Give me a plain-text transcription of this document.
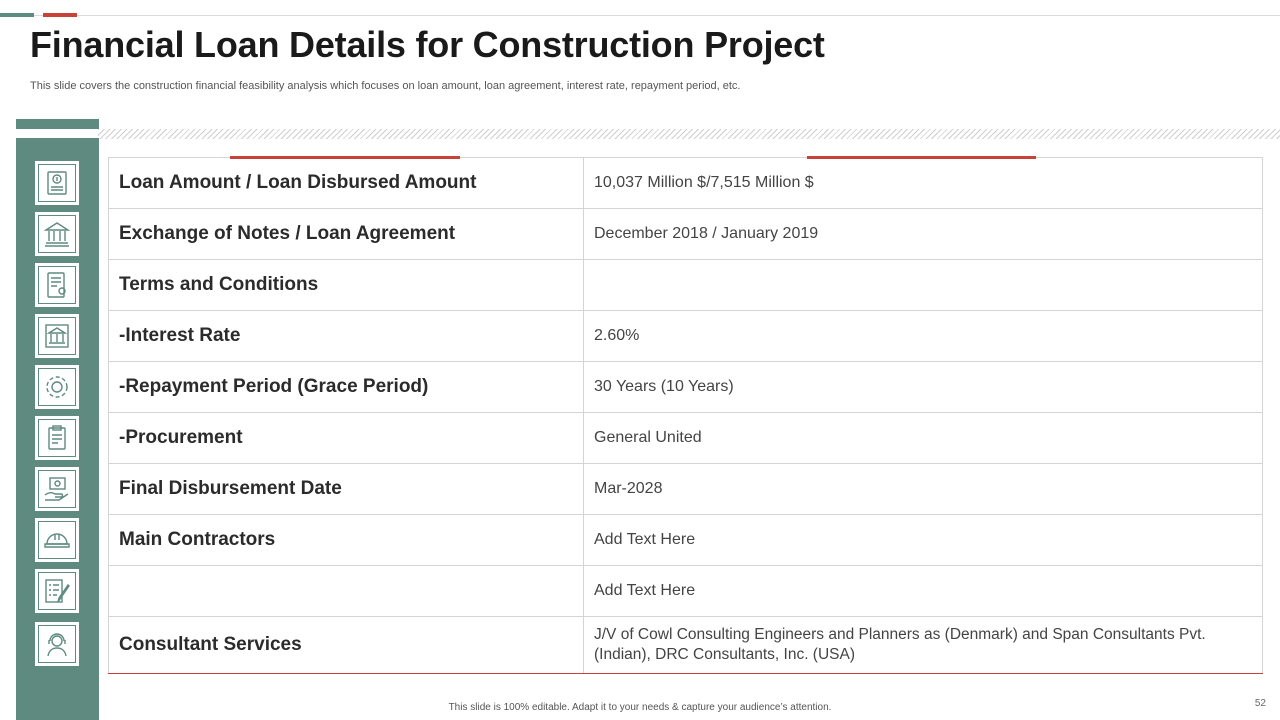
Financial Loan Details for Construction Project
This slide covers the construction financial feasibility analysis which focuses on loan amount, loan agreement, interest rate, repayment period, etc.
Loan Amount / Loan Disbursed Amount	10,037 Million $/7,515 Million $
Exchange of Notes / Loan Agreement	December 2018 / January 2019
Terms and Conditions	
-Interest Rate	2.60%
-Repayment Period (Grace Period)	30 Years (10 Years)
-Procurement	General United
Final Disbursement Date	Mar-2028
Main Contractors	Add Text Here
	Add Text Here
Consultant Services	J/V of Cowl Consulting Engineers and Planners as (Denmark) and Span Consultants Pvt. (Indian), DRC Consultants, Inc. (USA)
This slide is 100% editable. Adapt it to your needs & capture your audience’s attention.	52
